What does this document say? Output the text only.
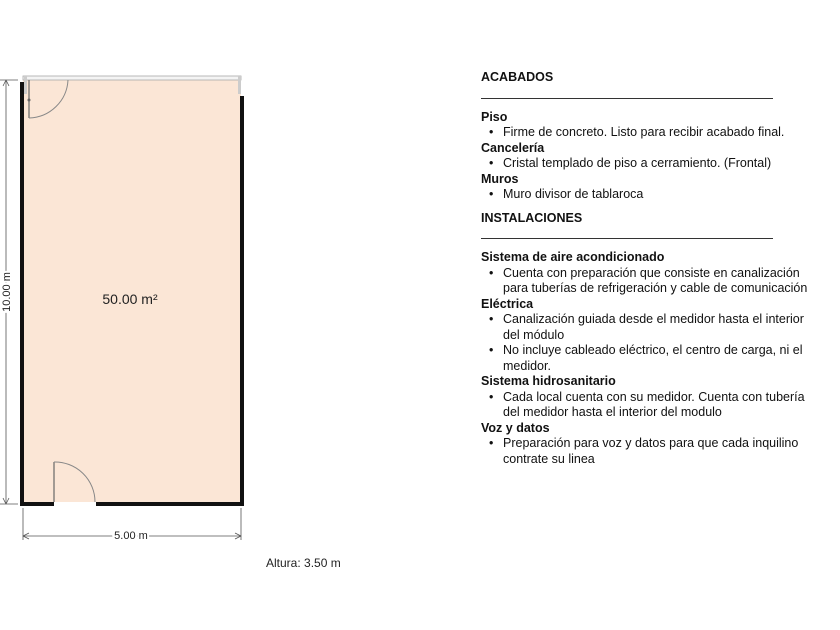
50.00 m²
5.00 m
10.00 m
Altura: 3.50 m
ACABADOS
Piso
• Firme de concreto. Listo para recibir acabado final.
Cancelería
• Cristal templado de piso a cerramiento. (Frontal)
Muros
• Muro divisor de tablaroca
INSTALACIONES
Sistema de aire acondicionado
• Cuenta con preparación que consiste en canalización para tuberías de refrigeración y cable de comunicación
Eléctrica
• Canalización guiada desde el medidor hasta el interior del módulo
• No incluye cableado eléctrico, el centro de carga, ni el medidor.
Sistema hidrosanitario
• Cada local cuenta con su medidor. Cuenta con tubería del medidor hasta el interior del modulo
Voz y datos
• Preparación para voz y datos para que cada inquilino contrate su linea
